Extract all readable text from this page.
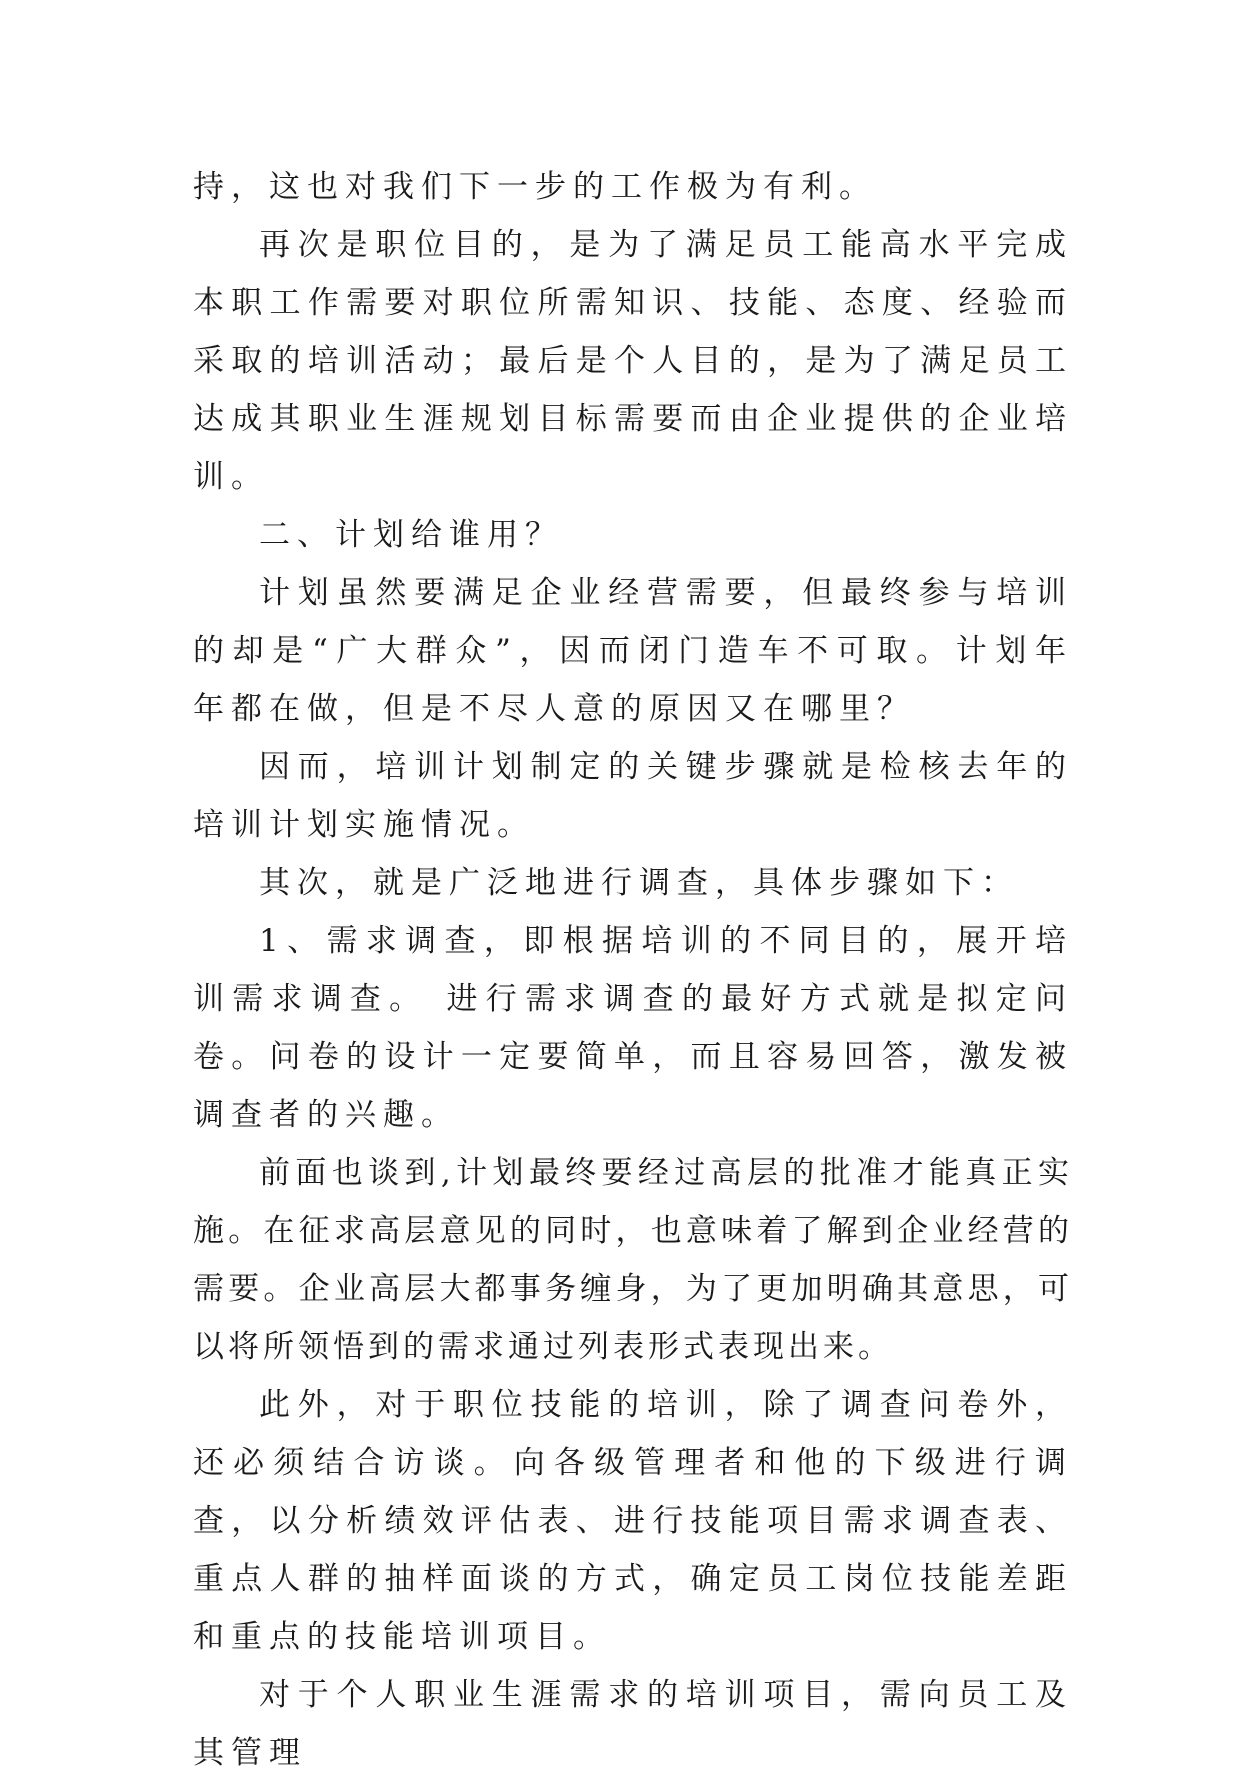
持，这也对我们下一步的工作极为有利。

再次是职位目的，是为了满足员工能高水平完成本职工作需要对职位所需知识、技能、态度、经验而采取的培训活动；最后是个人目的，是为了满足员工达成其职业生涯规划目标需要而由企业提供的企业培训。

二、计划给谁用？

计划虽然要满足企业经营需要，但最终参与培训的却是“广大群众”，因而闭门造车不可取。计划年年都在做，但是不尽人意的原因又在哪里？

因而，培训计划制定的关键步骤就是检核去年的培训计划实施情况。

其次，就是广泛地进行调查，具体步骤如下：

1、需求调查，即根据培训的不同目的，展开培训需求调查。 进行需求调查的最好方式就是拟定问卷。问卷的设计一定要简单，而且容易回答，激发被调查者的兴趣。

前面也谈到,计划最终要经过高层的批准才能真正实施。在征求高层意见的同时，也意味着了解到企业经营的需要。企业高层大都事务缠身，为了更加明确其意思，可以将所领悟到的需求通过列表形式表现出来。

此外，对于职位技能的培训，除了调查问卷外，还必须结合访谈。向各级管理者和他的下级进行调查，以分析绩效评估表、进行技能项目需求调查表、重点人群的抽样面谈的方式，确定员工岗位技能差距和重点的技能培训项目。

对于个人职业生涯需求的培训项目，需向员工及其管理
